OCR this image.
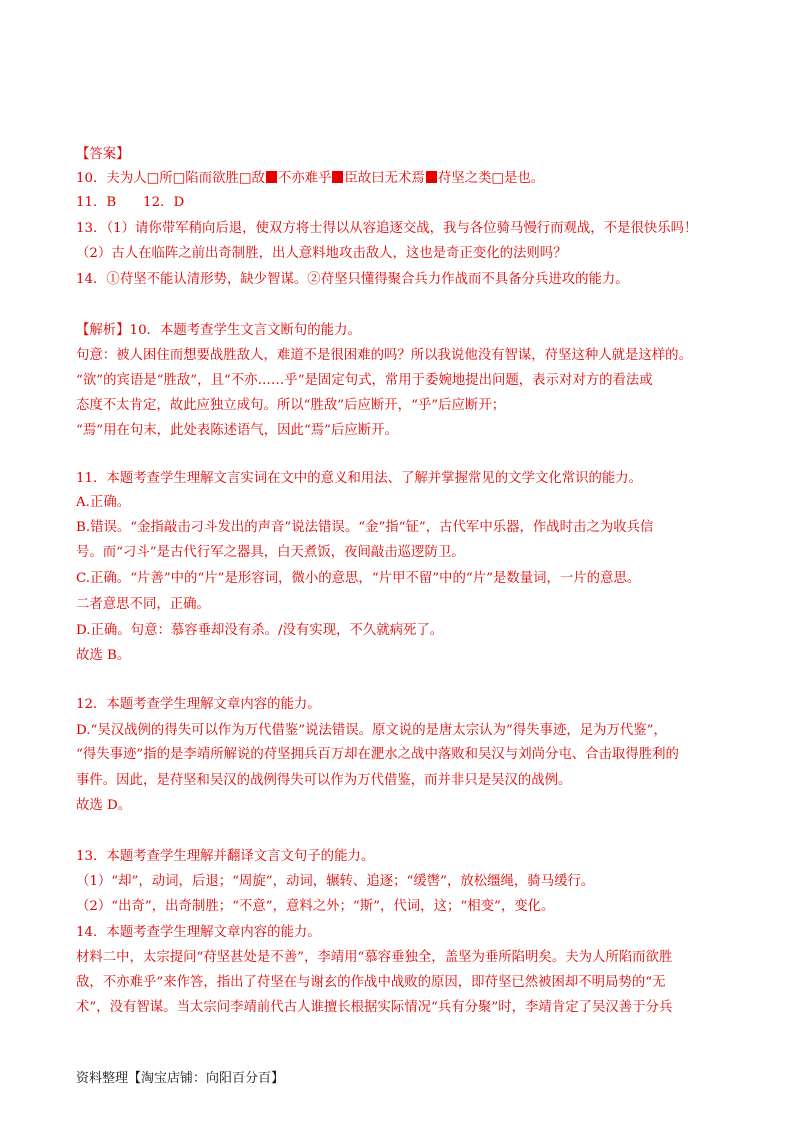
【答案】
10．夫为人□所□陷而欲胜□敌 不亦难乎 臣故曰无术焉 苻坚之类□是也。
11．B　　12．D
13．（1）请你带军稍向后退，使双方将士得以从容追逐交战，我与各位骑马慢行而观战，不是很快乐吗！
（2）古人在临阵之前出奇制胜，出人意料地攻击敌人，这也是奇正变化的法则吗？
14．①苻坚不能认清形势，缺少智谋。②苻坚只懂得聚合兵力作战而不具备分兵进攻的能力。
【解析】10．本题考查学生文言文断句的能力。
句意：被人困住而想要战胜敌人，难道不是很困难的吗？所以我说他没有智谋，苻坚这种人就是这样的。
“欲”的宾语是“胜敌”，且“不亦……乎”是固定句式，常用于委婉地提出问题，表示对对方的看法或
态度不太肯定，故此应独立成句。所以“胜敌”后应断开，“乎”后应断开；
“焉”用在句末，此处表陈述语气，因此“焉”后应断开。
11．本题考查学生理解文言实词在文中的意义和用法、了解并掌握常见的文学文化常识的能力。
A.正确。
B.错误。“金指敲击刁斗发出的声音”说法错误。“金”指“钲”，古代军中乐器，作战时击之为收兵信
号。而“刁斗”是古代行军之器具，白天煮饭，夜间敲击巡逻防卫。
C.正确。“片善”中的“片”是形容词，微小的意思，“片甲不留”中的“片”是数量词，一片的意思。
二者意思不同，正确。
D.正确。句意：慕容垂却没有杀。/没有实现，不久就病死了。
故选 B。
12．本题考查学生理解文章内容的能力。
D.“吴汉战例的得失可以作为万代借鉴”说法错误。原文说的是唐太宗认为“得失事迹，足为万代鉴”，
“得失事迹”指的是李靖所解说的苻坚拥兵百万却在淝水之战中落败和吴汉与刘尚分屯、合击取得胜利的
事件。因此，是苻坚和吴汉的战例得失可以作为万代借鉴，而并非只是吴汉的战例。
故选 D。
13．本题考查学生理解并翻译文言文句子的能力。
（1）“却”，动词，后退；“周旋”，动词，辗转、追逐；“缓辔”，放松缰绳，骑马缓行。
（2）“出奇”，出奇制胜；“不意”，意料之外；“斯”，代词，这；“相变”，变化。
14．本题考查学生理解文章内容的能力。
材料二中，太宗提问“苻坚甚处是不善”，李靖用“慕容垂独全，盖坚为垂所陷明矣。夫为人所陷而欲胜
敌，不亦难乎”来作答，指出了苻坚在与谢玄的作战中战败的原因，即苻坚已然被困却不明局势的“无
术”，没有智谋。当太宗问李靖前代古人谁擅长根据实际情况“兵有分聚”时，李靖肯定了吴汉善于分兵
资料整理【淘宝店铺：向阳百分百】
